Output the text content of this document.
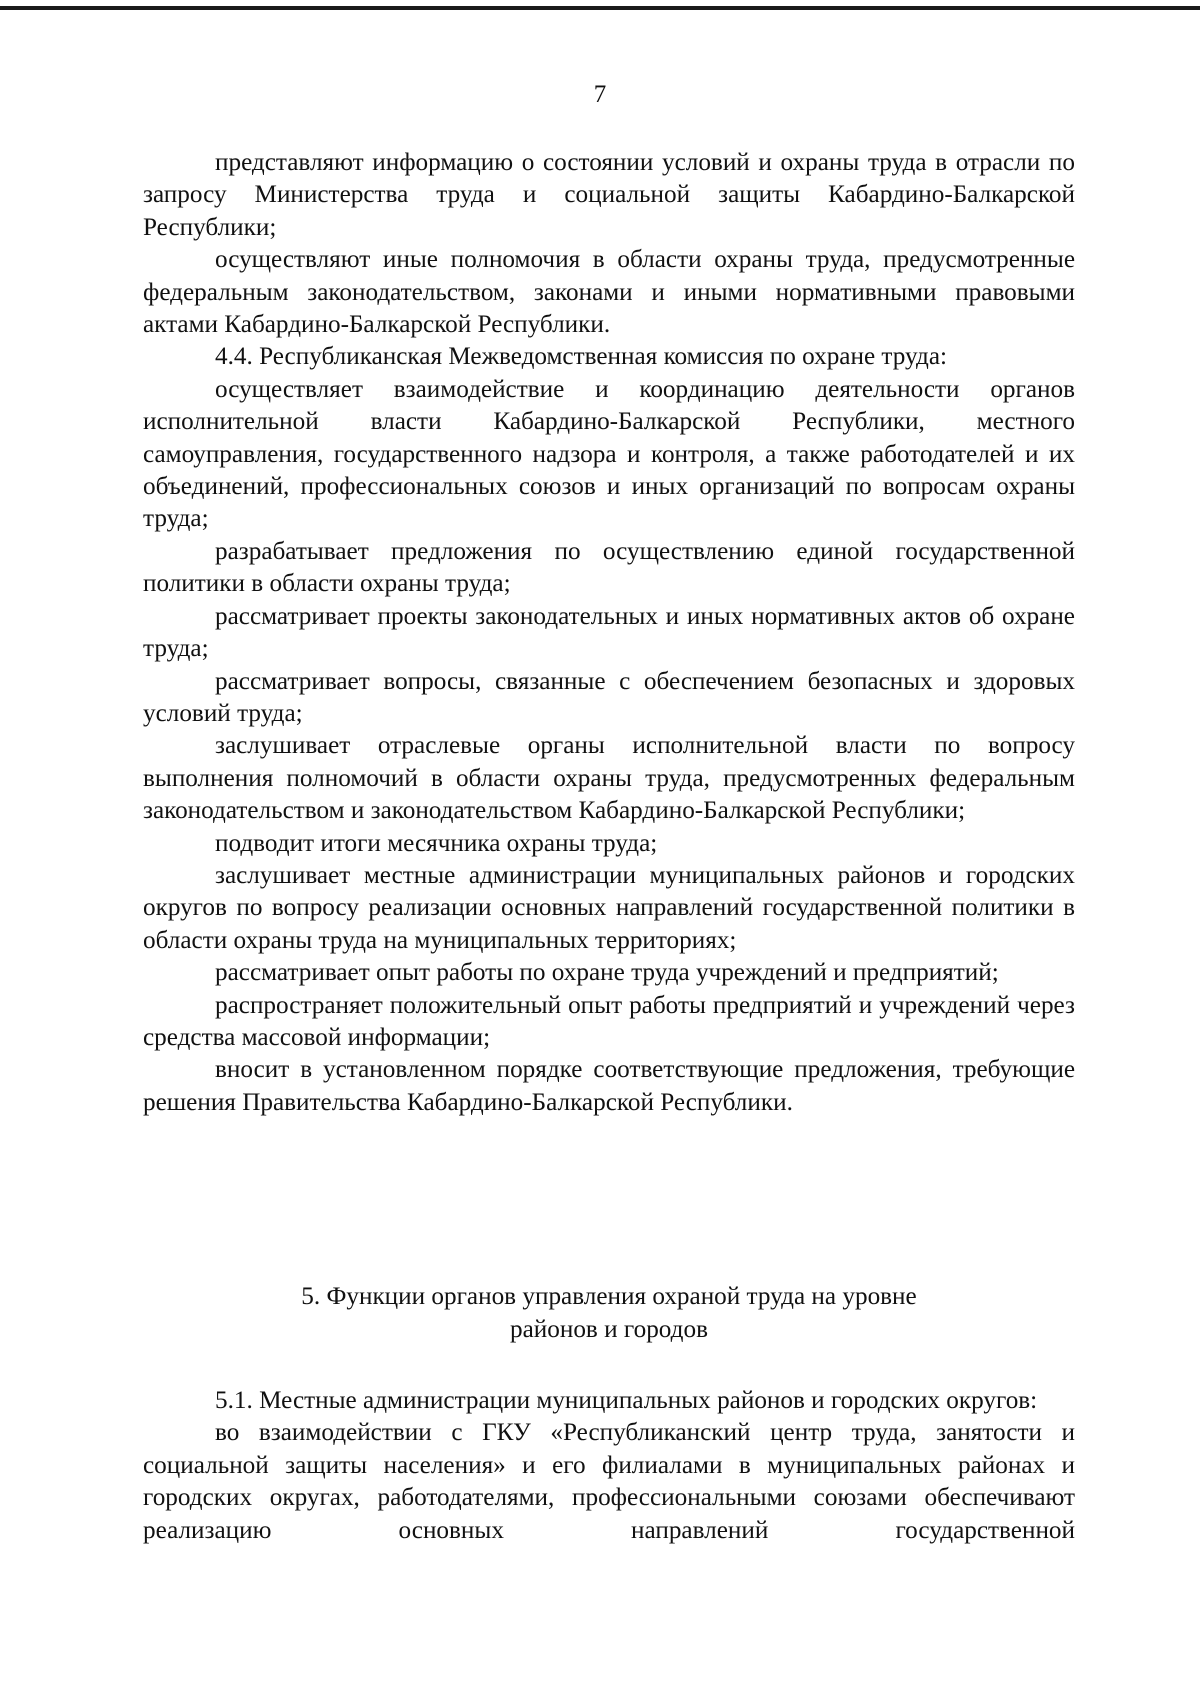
7

представляют информацию о состоянии условий и охраны труда в отрасли по запросу Министерства труда и социальной защиты Кабардино-Балкарской Республики;

осуществляют иные полномочия в области охраны труда, предусмотренные федеральным законодательством, законами и иными нормативными правовыми актами Кабардино-Балкарской Республики.

4.4. Республиканская Межведомственная комиссия по охране труда:

осуществляет взаимодействие и координацию деятельности органов исполнительной власти Кабардино-Балкарской Республики, местного самоуправления, государственного надзора и контроля, а также работодателей и их объединений, профессиональных союзов и иных организаций по вопросам охраны труда;

разрабатывает предложения по осуществлению единой государственной политики в области охраны труда;

рассматривает проекты законодательных и иных нормативных актов об охране труда;

рассматривает вопросы, связанные с обеспечением безопасных и здоровых условий труда;

заслушивает отраслевые органы исполнительной власти по вопросу выполнения полномочий в области охраны труда, предусмотренных федеральным законодательством и законодательством Кабардино-Балкарской Республики;

подводит итоги месячника охраны труда;

заслушивает местные администрации муниципальных районов и городских округов по вопросу реализации основных направлений государственной политики в области охраны труда на муниципальных территориях;

рассматривает опыт работы по охране труда учреждений и предприятий;

распространяет положительный опыт работы предприятий и учреждений через средства массовой информации;

вносит в установленном порядке соответствующие предложения, требующие решения Правительства Кабардино-Балкарской Республики.

5. Функции органов управления охраной труда на уровне
районов и городов

5.1. Местные администрации муниципальных районов и городских округов:

во взаимодействии с ГКУ «Республиканский центр труда, занятости и социальной защиты населения» и его филиалами в муниципальных районах и городских округах, работодателями, профессиональными союзами обеспечивают реализацию основных направлений государственной
